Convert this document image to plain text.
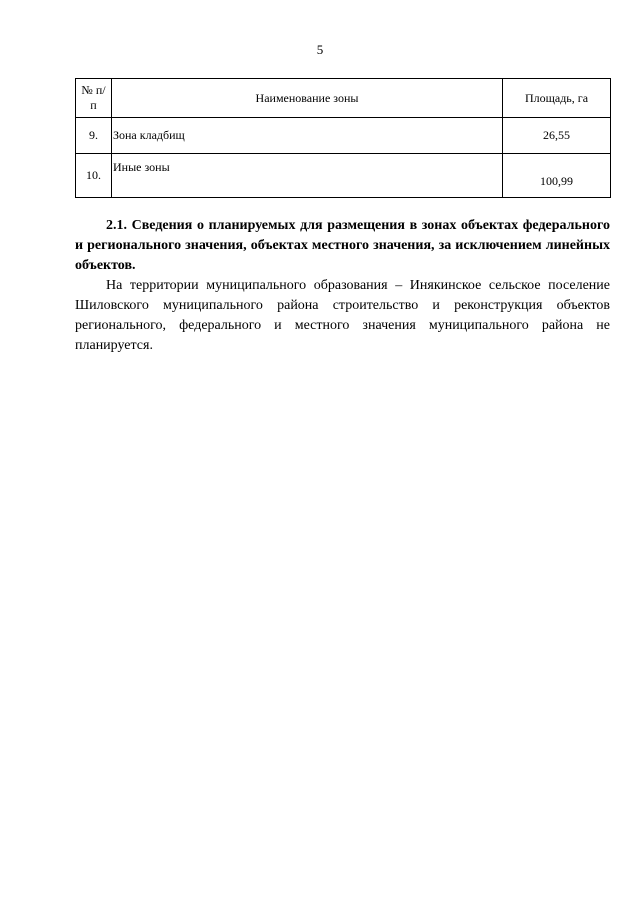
5
№ п/п	Наименование зоны	Площадь, га
9.	Зона кладбищ	26,55
10.	Иные зоны	100,99

2.1. Сведения о планируемых для размещения в зонах объектах федерального и регионального значения, объектах местного значения, за исключением линейных объектов.

На территории муниципального образования – Инякинское сельское поселение Шиловского муниципального района строительство и реконструкция объектов регионального, федерального и местного значения муниципального района не планируется.
